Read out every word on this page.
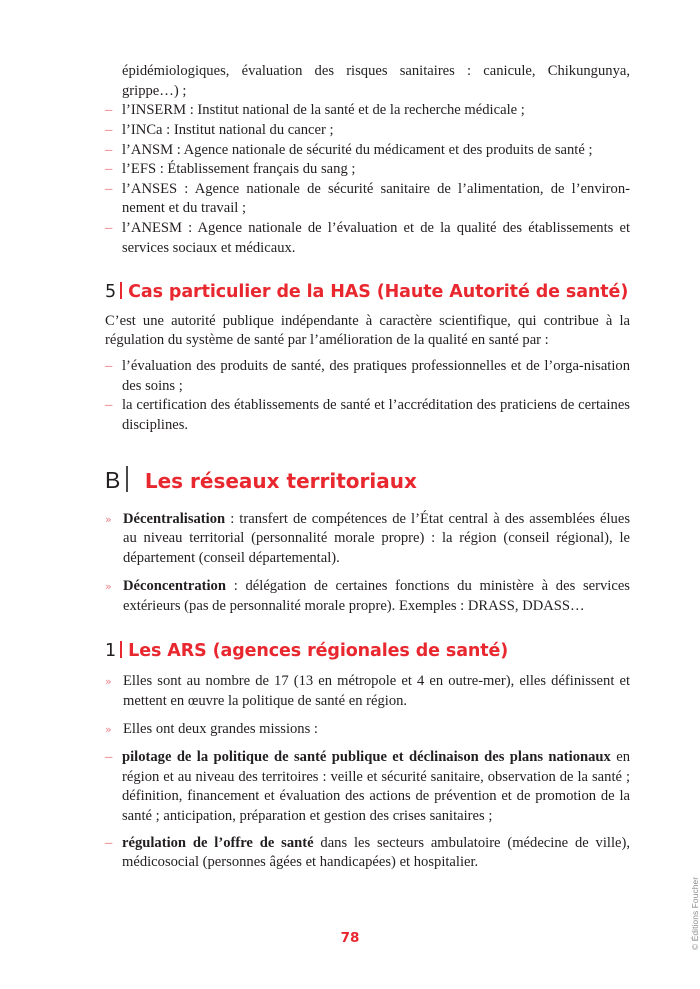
épidémiologiques, évaluation des risques sanitaires : canicule, Chikungunya, grippe…) ;

– l’INSERM : Institut national de la santé et de la recherche médicale ;
– l’INCa : Institut national du cancer ;
– l’ANSM : Agence nationale de sécurité du médicament et des produits de santé ;
– l’EFS : Établissement français du sang ;
– l’ANSES : Agence nationale de sécurité sanitaire de l’alimentation, de l’environ-nement et du travail ;
– l’ANESM : Agence nationale de l’évaluation et de la qualité des établissements et services sociaux et médicaux.
5 Cas particulier de la HAS (Haute Autorité de santé)

C’est une autorité publique indépendante à caractère scientifique, qui contribue à la régulation du système de santé par l’amélioration de la qualité en santé par :

– l’évaluation des produits de santé, des pratiques professionnelles et de l’orga-nisation des soins ;
– la certification des établissements de santé et l’accréditation des praticiens de certaines disciplines.
B Les réseaux territoriaux
» Décentralisation : transfert de compétences de l’État central à des assemblées élues au niveau territorial (personnalité morale propre) : la région (conseil régional), le département (conseil départemental).
» Déconcentration : délégation de certaines fonctions du ministère à des services extérieurs (pas de personnalité morale propre). Exemples : DRASS, DDASS…
1 Les ARS (agences régionales de santé)
» Elles sont au nombre de 17 (13 en métropole et 4 en outre-mer), elles définissent et mettent en œuvre la politique de santé en région.
» Elles ont deux grandes missions :
– pilotage de la politique de santé publique et déclinaison des plans nationaux en région et au niveau des territoires : veille et sécurité sanitaire, observation de la santé ; définition, financement et évaluation des actions de prévention et de promotion de la santé ; anticipation, préparation et gestion des crises sanitaires ;
– régulation de l’offre de santé dans les secteurs ambulatoire (médecine de ville), médicosocial (personnes âgées et handicapées) et hospitalier.
© Éditions Foucher
78
